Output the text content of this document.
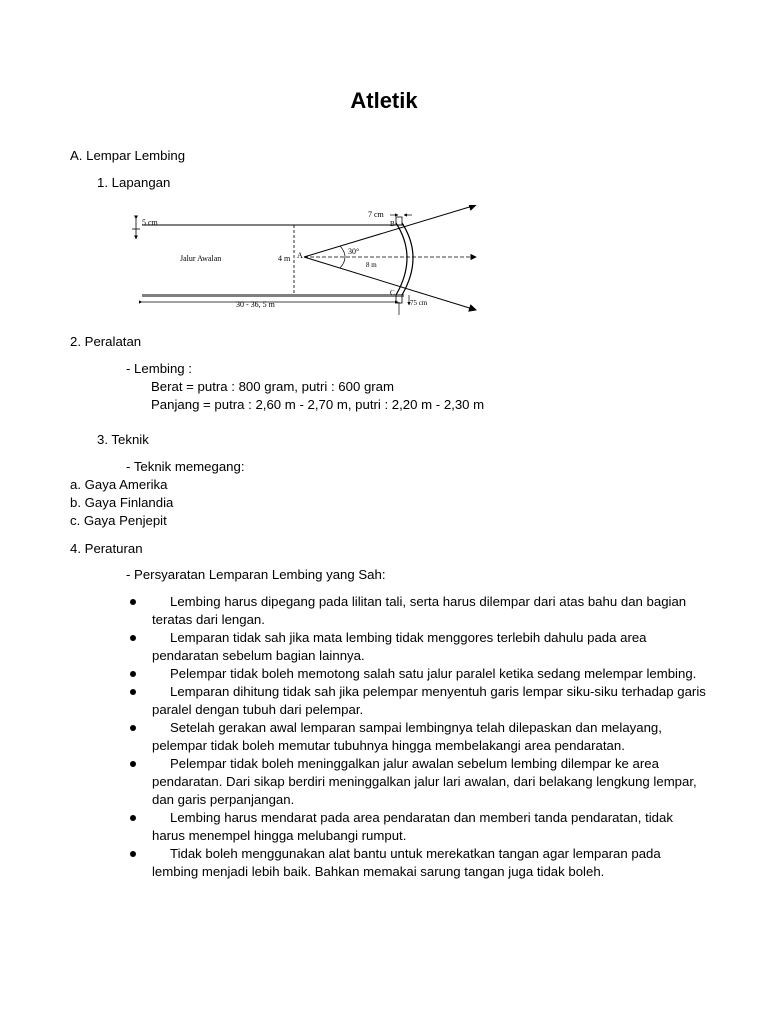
Atletik
A. Lempar Lembing
1. Lapangan
5 cm
Jalur Awalan	4 m A	30°
8 m
B
C
7 cm
30 - 36, 5 m	75 cm
2. Peralatan
- Lembing :
Berat = putra : 800 gram, putri : 600 gram
Panjang = putra : 2,60 m - 2,70 m, putri : 2,20 m - 2,30 m
3. Teknik
- Teknik memegang:
a. Gaya Amerika
b. Gaya Finlandia
c. Gaya Penjepit
4. Peraturan
- Persyaratan Lemparan Lembing yang Sah:
Lembing harus dipegang pada lilitan tali, serta harus dilempar dari atas bahu dan bagian teratas dari lengan.
Lemparan tidak sah jika mata lembing tidak menggores terlebih dahulu pada area pendaratan sebelum bagian lainnya.
Pelempar tidak boleh memotong salah satu jalur paralel ketika sedang melempar lembing.
Lemparan dihitung tidak sah jika pelempar menyentuh garis lempar siku-siku terhadap garis paralel dengan tubuh dari pelempar.
Setelah gerakan awal lemparan sampai lembingnya telah dilepaskan dan melayang, pelempar tidak boleh memutar tubuhnya hingga membelakangi area pendaratan.
Pelempar tidak boleh meninggalkan jalur awalan sebelum lembing dilempar ke area pendaratan. Dari sikap berdiri meninggalkan jalur lari awalan, dari belakang lengkung lempar, dan garis perpanjangan.
Lembing harus mendarat pada area pendaratan dan memberi tanda pendaratan, tidak harus menempel hingga melubangi rumput.
Tidak boleh menggunakan alat bantu untuk merekatkan tangan agar lemparan pada lembing menjadi lebih baik. Bahkan memakai sarung tangan juga tidak boleh.
